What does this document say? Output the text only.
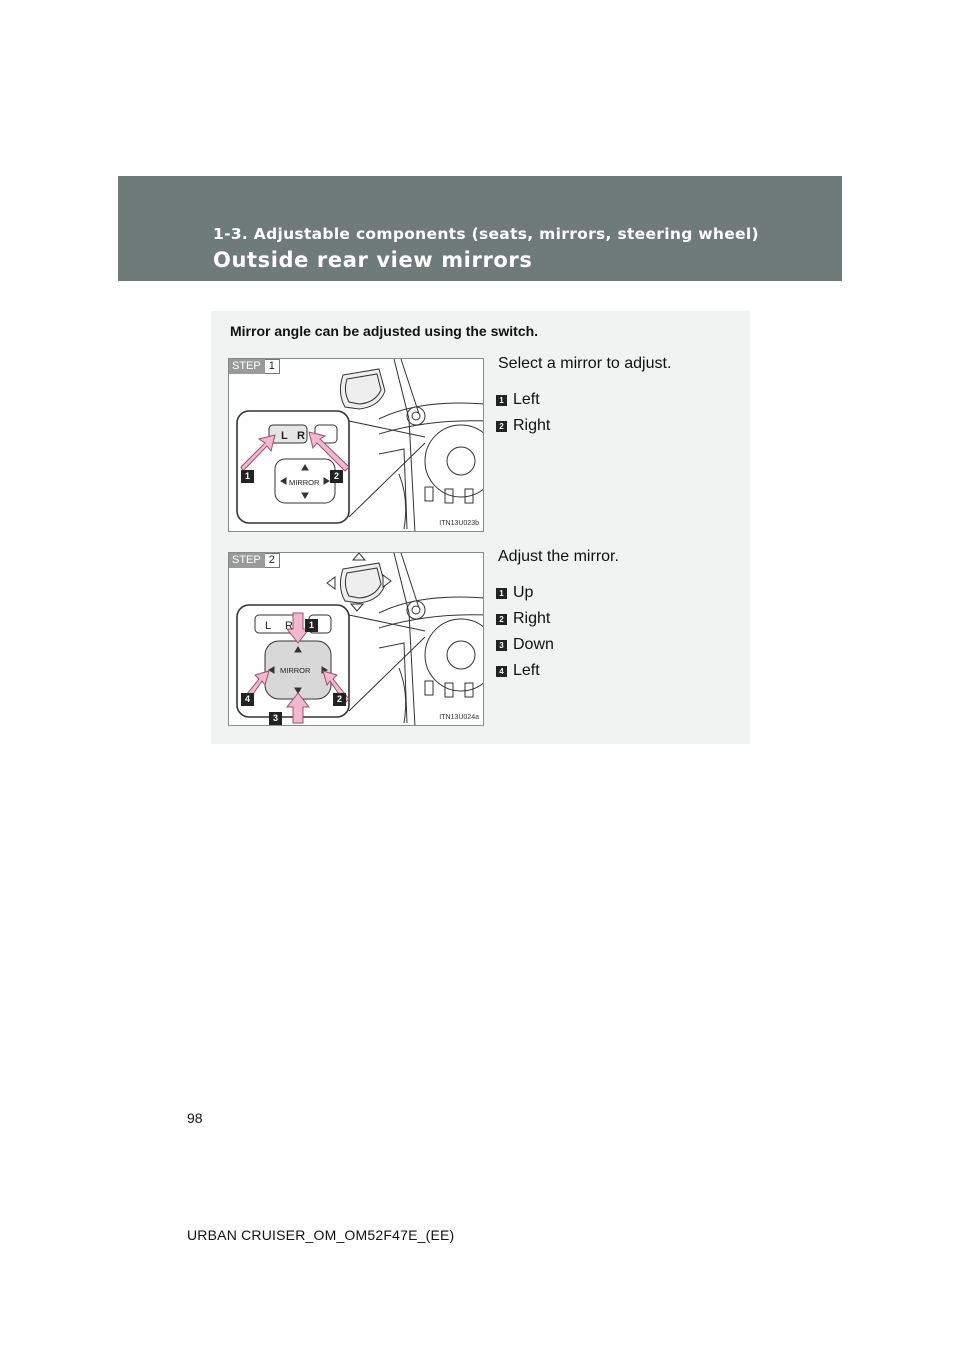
1-3. Adjustable components (seats, mirrors, steering wheel)
Outside rear view mirrors
Mirror angle can be adjusted using the switch.
STEP 1
L R
MIRROR
1	2
ITN13U023b
Select a mirror to adjust.
1 Left
2 Right
STEP 2
L R
MIRROR
1
2
3
4
ITN13U024a
Adjust the mirror.
1 Up
2 Right
3 Down
4 Left
98
URBAN CRUISER_OM_OM52F47E_(EE)
